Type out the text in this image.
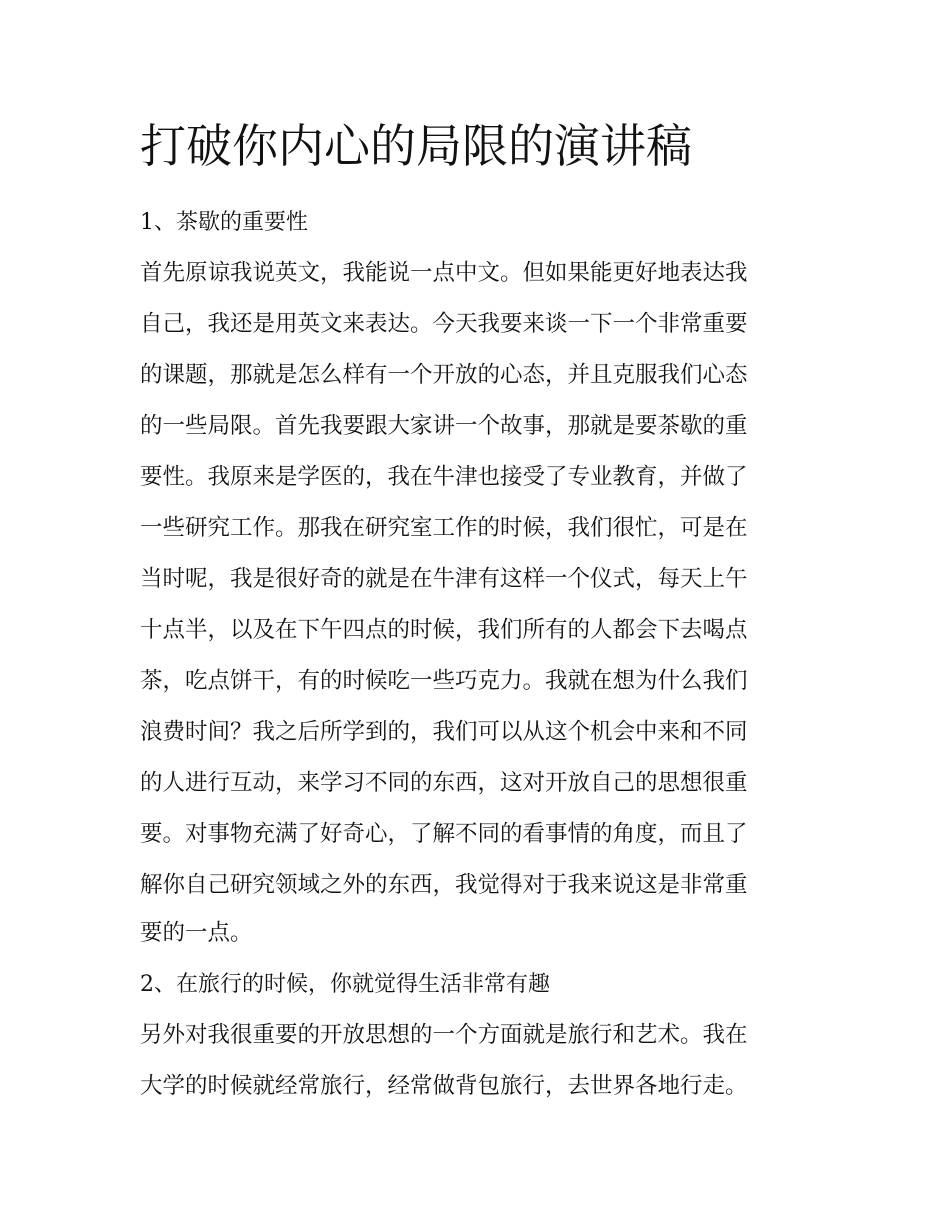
打破你内心的局限的演讲稿
1、茶歇的重要性
首先原谅我说英文，我能说一点中文。但如果能更好地表达我
自己，我还是用英文来表达。今天我要来谈一下一个非常重要
的课题，那就是怎么样有一个开放的心态，并且克服我们心态
的一些局限。首先我要跟大家讲一个故事，那就是要茶歇的重
要性。我原来是学医的，我在牛津也接受了专业教育，并做了
一些研究工作。那我在研究室工作的时候，我们很忙，可是在
当时呢，我是很好奇的就是在牛津有这样一个仪式，每天上午
十点半，以及在下午四点的时候，我们所有的人都会下去喝点
茶，吃点饼干，有的时候吃一些巧克力。我就在想为什么我们
浪费时间？我之后所学到的，我们可以从这个机会中来和不同
的人进行互动，来学习不同的东西，这对开放自己的思想很重
要。对事物充满了好奇心，了解不同的看事情的角度，而且了
解你自己研究领域之外的东西，我觉得对于我来说这是非常重
要的一点。
2、在旅行的时候，你就觉得生活非常有趣
另外对我很重要的开放思想的一个方面就是旅行和艺术。我在
大学的时候就经常旅行，经常做背包旅行，去世界各地行走。
